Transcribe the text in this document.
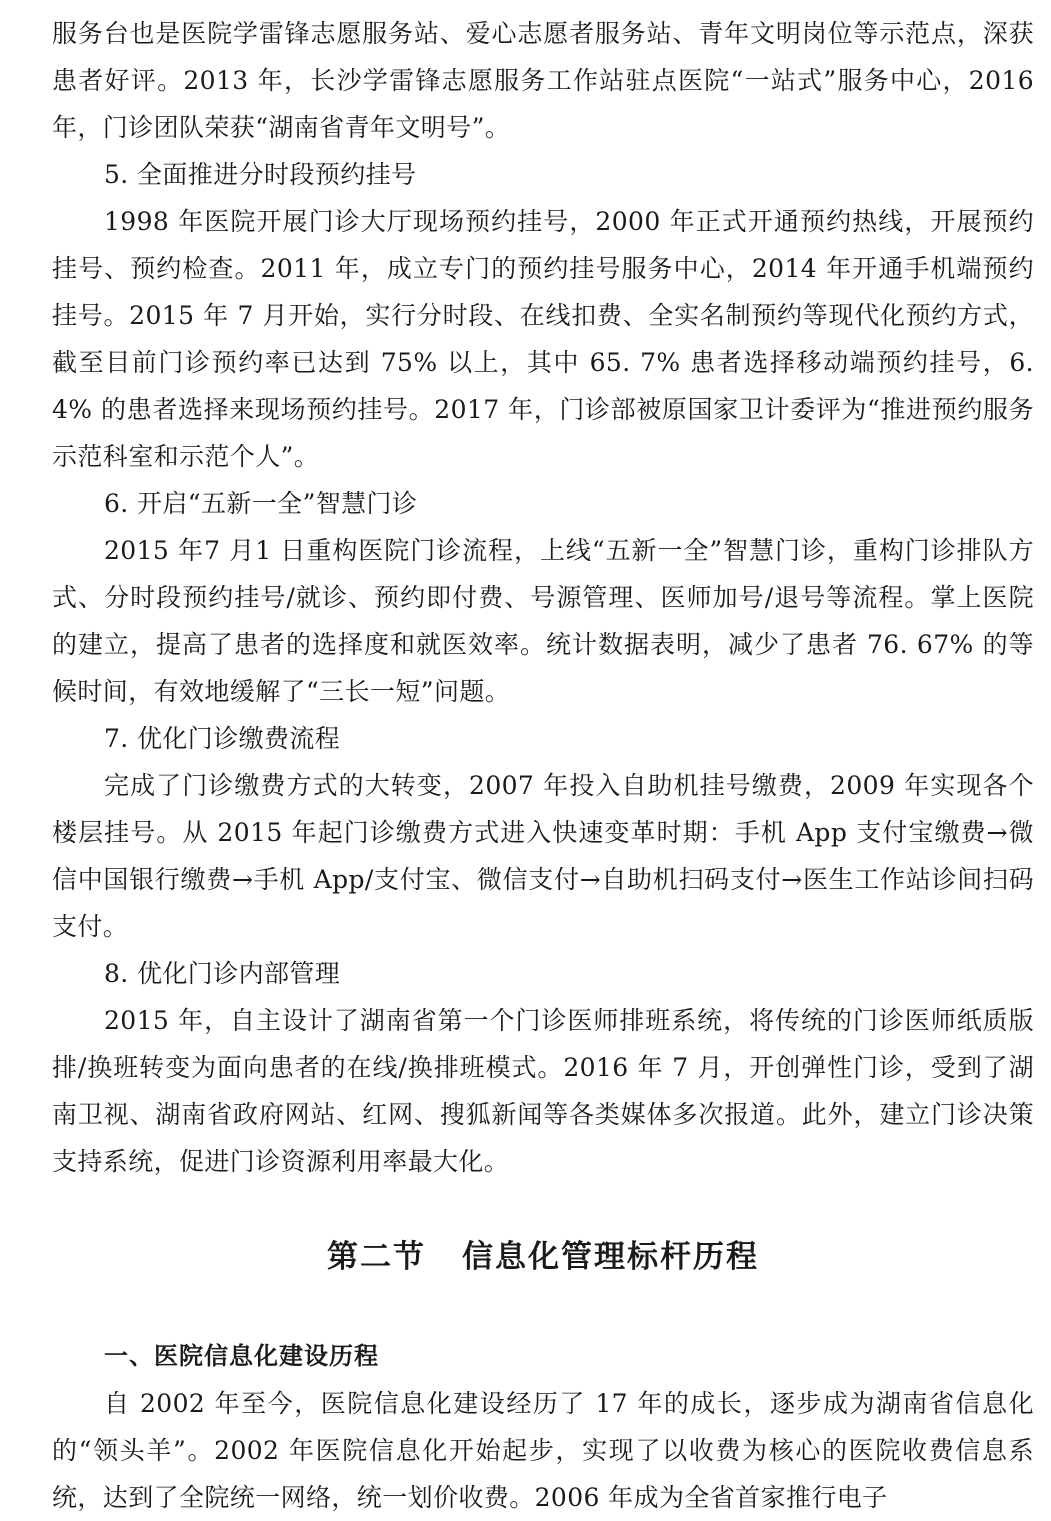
服务台也是医院学雷锋志愿服务站、爱心志愿者服务站、青年文明岗位等示范点，深获患者好评。2013 年，长沙学雷锋志愿服务工作站驻点医院“一站式”服务中心，2016 年，门诊团队荣获“湖南省青年文明号”。

5. 全面推进分时段预约挂号

1998 年医院开展门诊大厅现场预约挂号，2000 年正式开通预约热线，开展预约挂号、预约检查。2011 年，成立专门的预约挂号服务中心，2014 年开通手机端预约挂号。2015 年 7 月开始，实行分时段、在线扣费、全实名制预约等现代化预约方式，截至目前门诊预约率已达到 75% 以上，其中 65. 7% 患者选择移动端预约挂号，6. 4% 的患者选择来现场预约挂号。2017 年，门诊部被原国家卫计委评为“推进预约服务示范科室和示范个人”。

6. 开启“五新一全”智慧门诊

2015 年7 月1 日重构医院门诊流程，上线“五新一全”智慧门诊，重构门诊排队方式、分时段预约挂号/就诊、预约即付费、号源管理、医师加号/退号等流程。掌上医院的建立，提高了患者的选择度和就医效率。统计数据表明，减少了患者 76. 67% 的等候时间，有效地缓解了“三长一短”问题。

7. 优化门诊缴费流程

完成了门诊缴费方式的大转变，2007 年投入自助机挂号缴费，2009 年实现各个楼层挂号。从 2015 年起门诊缴费方式进入快速变革时期：手机 App 支付宝缴费→微信中国银行缴费→手机 App/支付宝、微信支付→自助机扫码支付→医生工作站诊间扫码支付。

8. 优化门诊内部管理

2015 年，自主设计了湖南省第一个门诊医师排班系统，将传统的门诊医师纸质版排/换班转变为面向患者的在线/换排班模式。2016 年 7 月，开创弹性门诊，受到了湖南卫视、湖南省政府网站、红网、搜狐新闻等各类媒体多次报道。此外，建立门诊决策支持系统，促进门诊资源利用率最大化。

第二节 信息化管理标杆历程

一、医院信息化建设历程

自 2002 年至今，医院信息化建设经历了 17 年的成长，逐步成为湖南省信息化的“领头羊”。2002 年医院信息化开始起步，实现了以收费为核心的医院收费信息系统，达到了全院统一网络，统一划价收费。2006 年成为全省首家推行电子
